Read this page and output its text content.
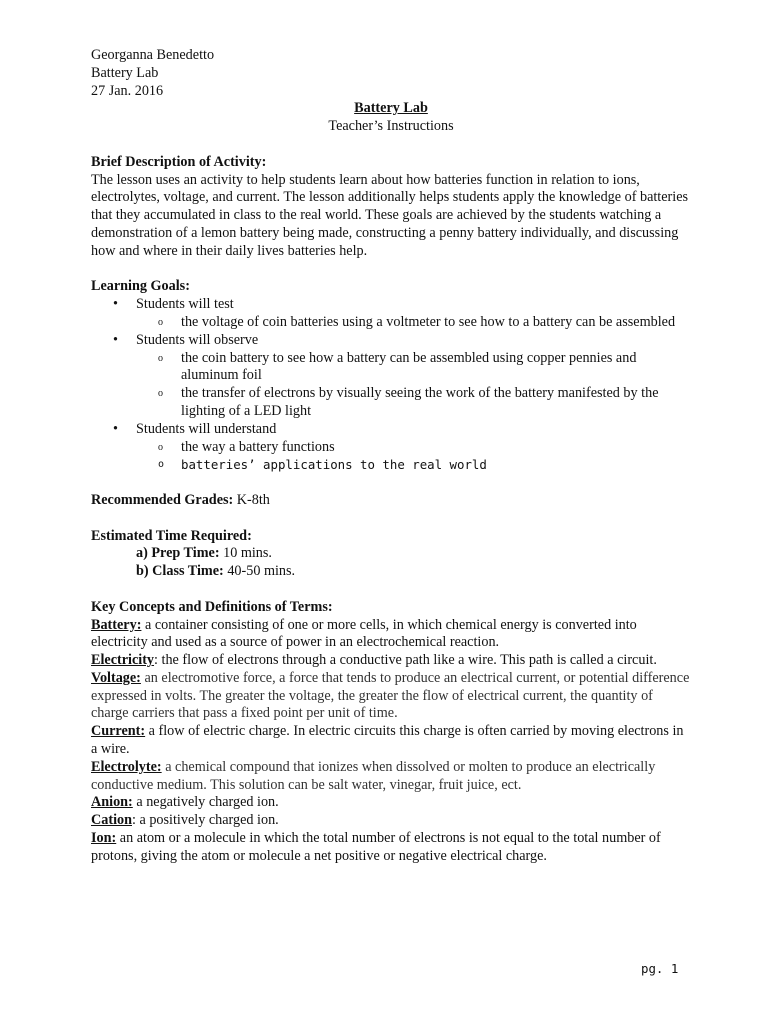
Georganna Benedetto
Battery Lab
27 Jan. 2016
Battery Lab
Teacher’s Instructions
Brief Description of Activity:

The lesson uses an activity to help students learn about how batteries function in relation to ions, electrolytes, voltage, and current. The lesson additionally helps students apply the knowledge of batteries that they accumulated in class to the real world. These goals are achieved by the students watching a demonstration of a lemon battery being made, constructing a penny battery individually, and discussing how and where in their daily lives batteries help.

Learning Goals:
• Students will test
o the voltage of coin batteries using a voltmeter to see how to a battery can be assembled
• Students will observe
o the coin battery to see how a battery can be assembled using copper pennies and aluminum foil
o the transfer of electrons by visually seeing the work of the battery manifested by the lighting of a LED light
• Students will understand
o the way a battery functions
o batteries’ applications to the real world
Recommended Grades: K-8th
Estimated Time Required:
a) Prep Time: 10 mins.
b) Class Time: 40-50 mins.
Key Concepts and Definitions of Terms:
Battery: a container consisting of one or more cells, in which chemical energy is converted into electricity and used as a source of power in an electrochemical reaction.
Electricity: the flow of electrons through a conductive path like a wire. This path is called a circuit.
Voltage: an electromotive force, a force that tends to produce an electrical current, or potential difference expressed in volts. The greater the voltage, the greater the flow of electrical current, the quantity of charge carriers that pass a fixed point per unit of time.
Current: a flow of electric charge. In electric circuits this charge is often carried by moving electrons in a wire.
Electrolyte: a chemical compound that ionizes when dissolved or molten to produce an electrically conductive medium. This solution can be salt water, vinegar, fruit juice, ect.
Anion: a negatively charged ion.
Cation: a positively charged ion.
Ion: an atom or a molecule in which the total number of electrons is not equal to the total number of protons, giving the atom or molecule a net positive or negative electrical charge.
pg. 1
